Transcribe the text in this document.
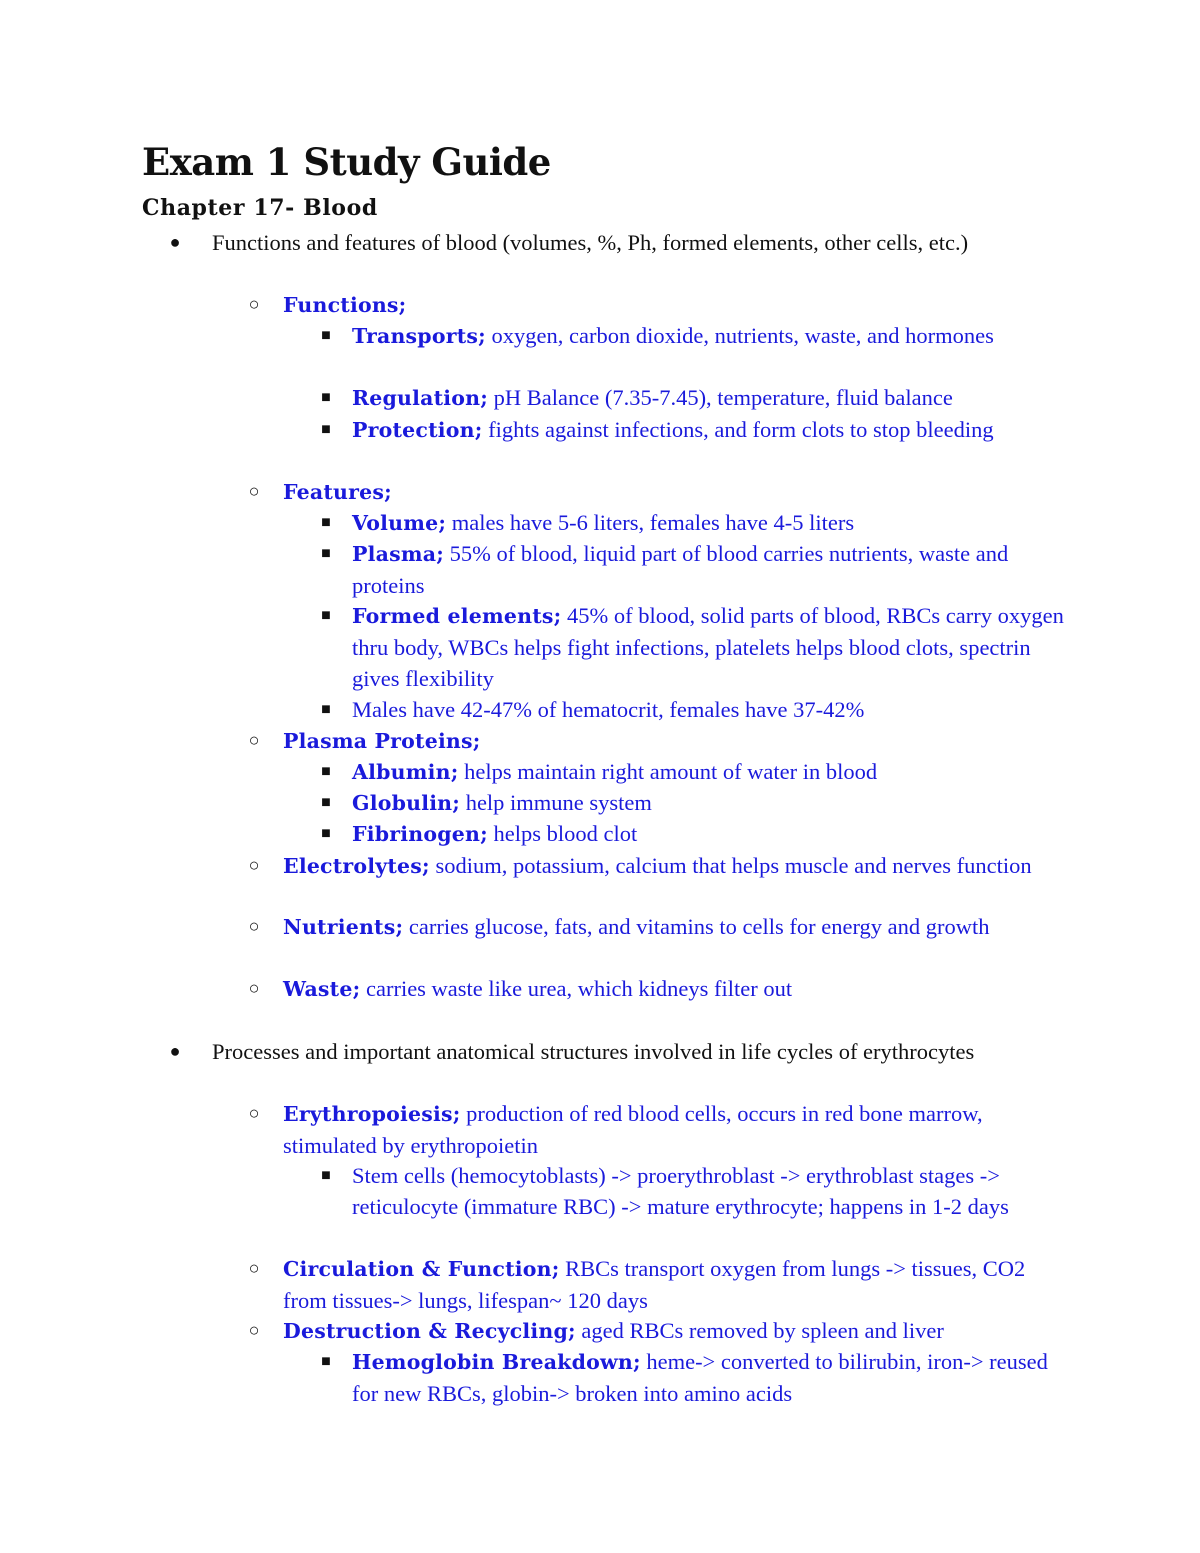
Exam 1 Study Guide
Chapter 17- Blood
● Functions and features of blood (volumes, %, Ph, formed elements, other cells, etc.)
○ Functions;
■ Transports; oxygen, carbon dioxide, nutrients, waste, and hormones
■ Regulation; pH Balance (7.35-7.45), temperature, fluid balance
■ Protection; fights against infections, and form clots to stop bleeding
○ Features;
■ Volume; males have 5-6 liters, females have 4-5 liters
■ Plasma; 55% of blood, liquid part of blood carries nutrients, waste and proteins
■ Formed elements; 45% of blood, solid parts of blood, RBCs carry oxygen thru body, WBCs helps fight infections, platelets helps blood clots, spectrin gives flexibility
■ Males have 42-47% of hematocrit, females have 37-42%
○ Plasma Proteins;
■ Albumin; helps maintain right amount of water in blood
■ Globulin; help immune system
■ Fibrinogen; helps blood clot
○ Electrolytes; sodium, potassium, calcium that helps muscle and nerves function
○ Nutrients; carries glucose, fats, and vitamins to cells for energy and growth
○ Waste; carries waste like urea, which kidneys filter out
● Processes and important anatomical structures involved in life cycles of erythrocytes
○ Erythropoiesis; production of red blood cells, occurs in red bone marrow, stimulated by erythropoietin
■ Stem cells (hemocytoblasts) -> proerythroblast -> erythroblast stages -> reticulocyte (immature RBC) -> mature erythrocyte; happens in 1-2 days
○ Circulation & Function; RBCs transport oxygen from lungs -> tissues, CO2 from tissues-> lungs, lifespan~ 120 days
○ Destruction & Recycling; aged RBCs removed by spleen and liver
■ Hemoglobin Breakdown; heme-> converted to bilirubin, iron-> reused for new RBCs, globin-> broken into amino acids
